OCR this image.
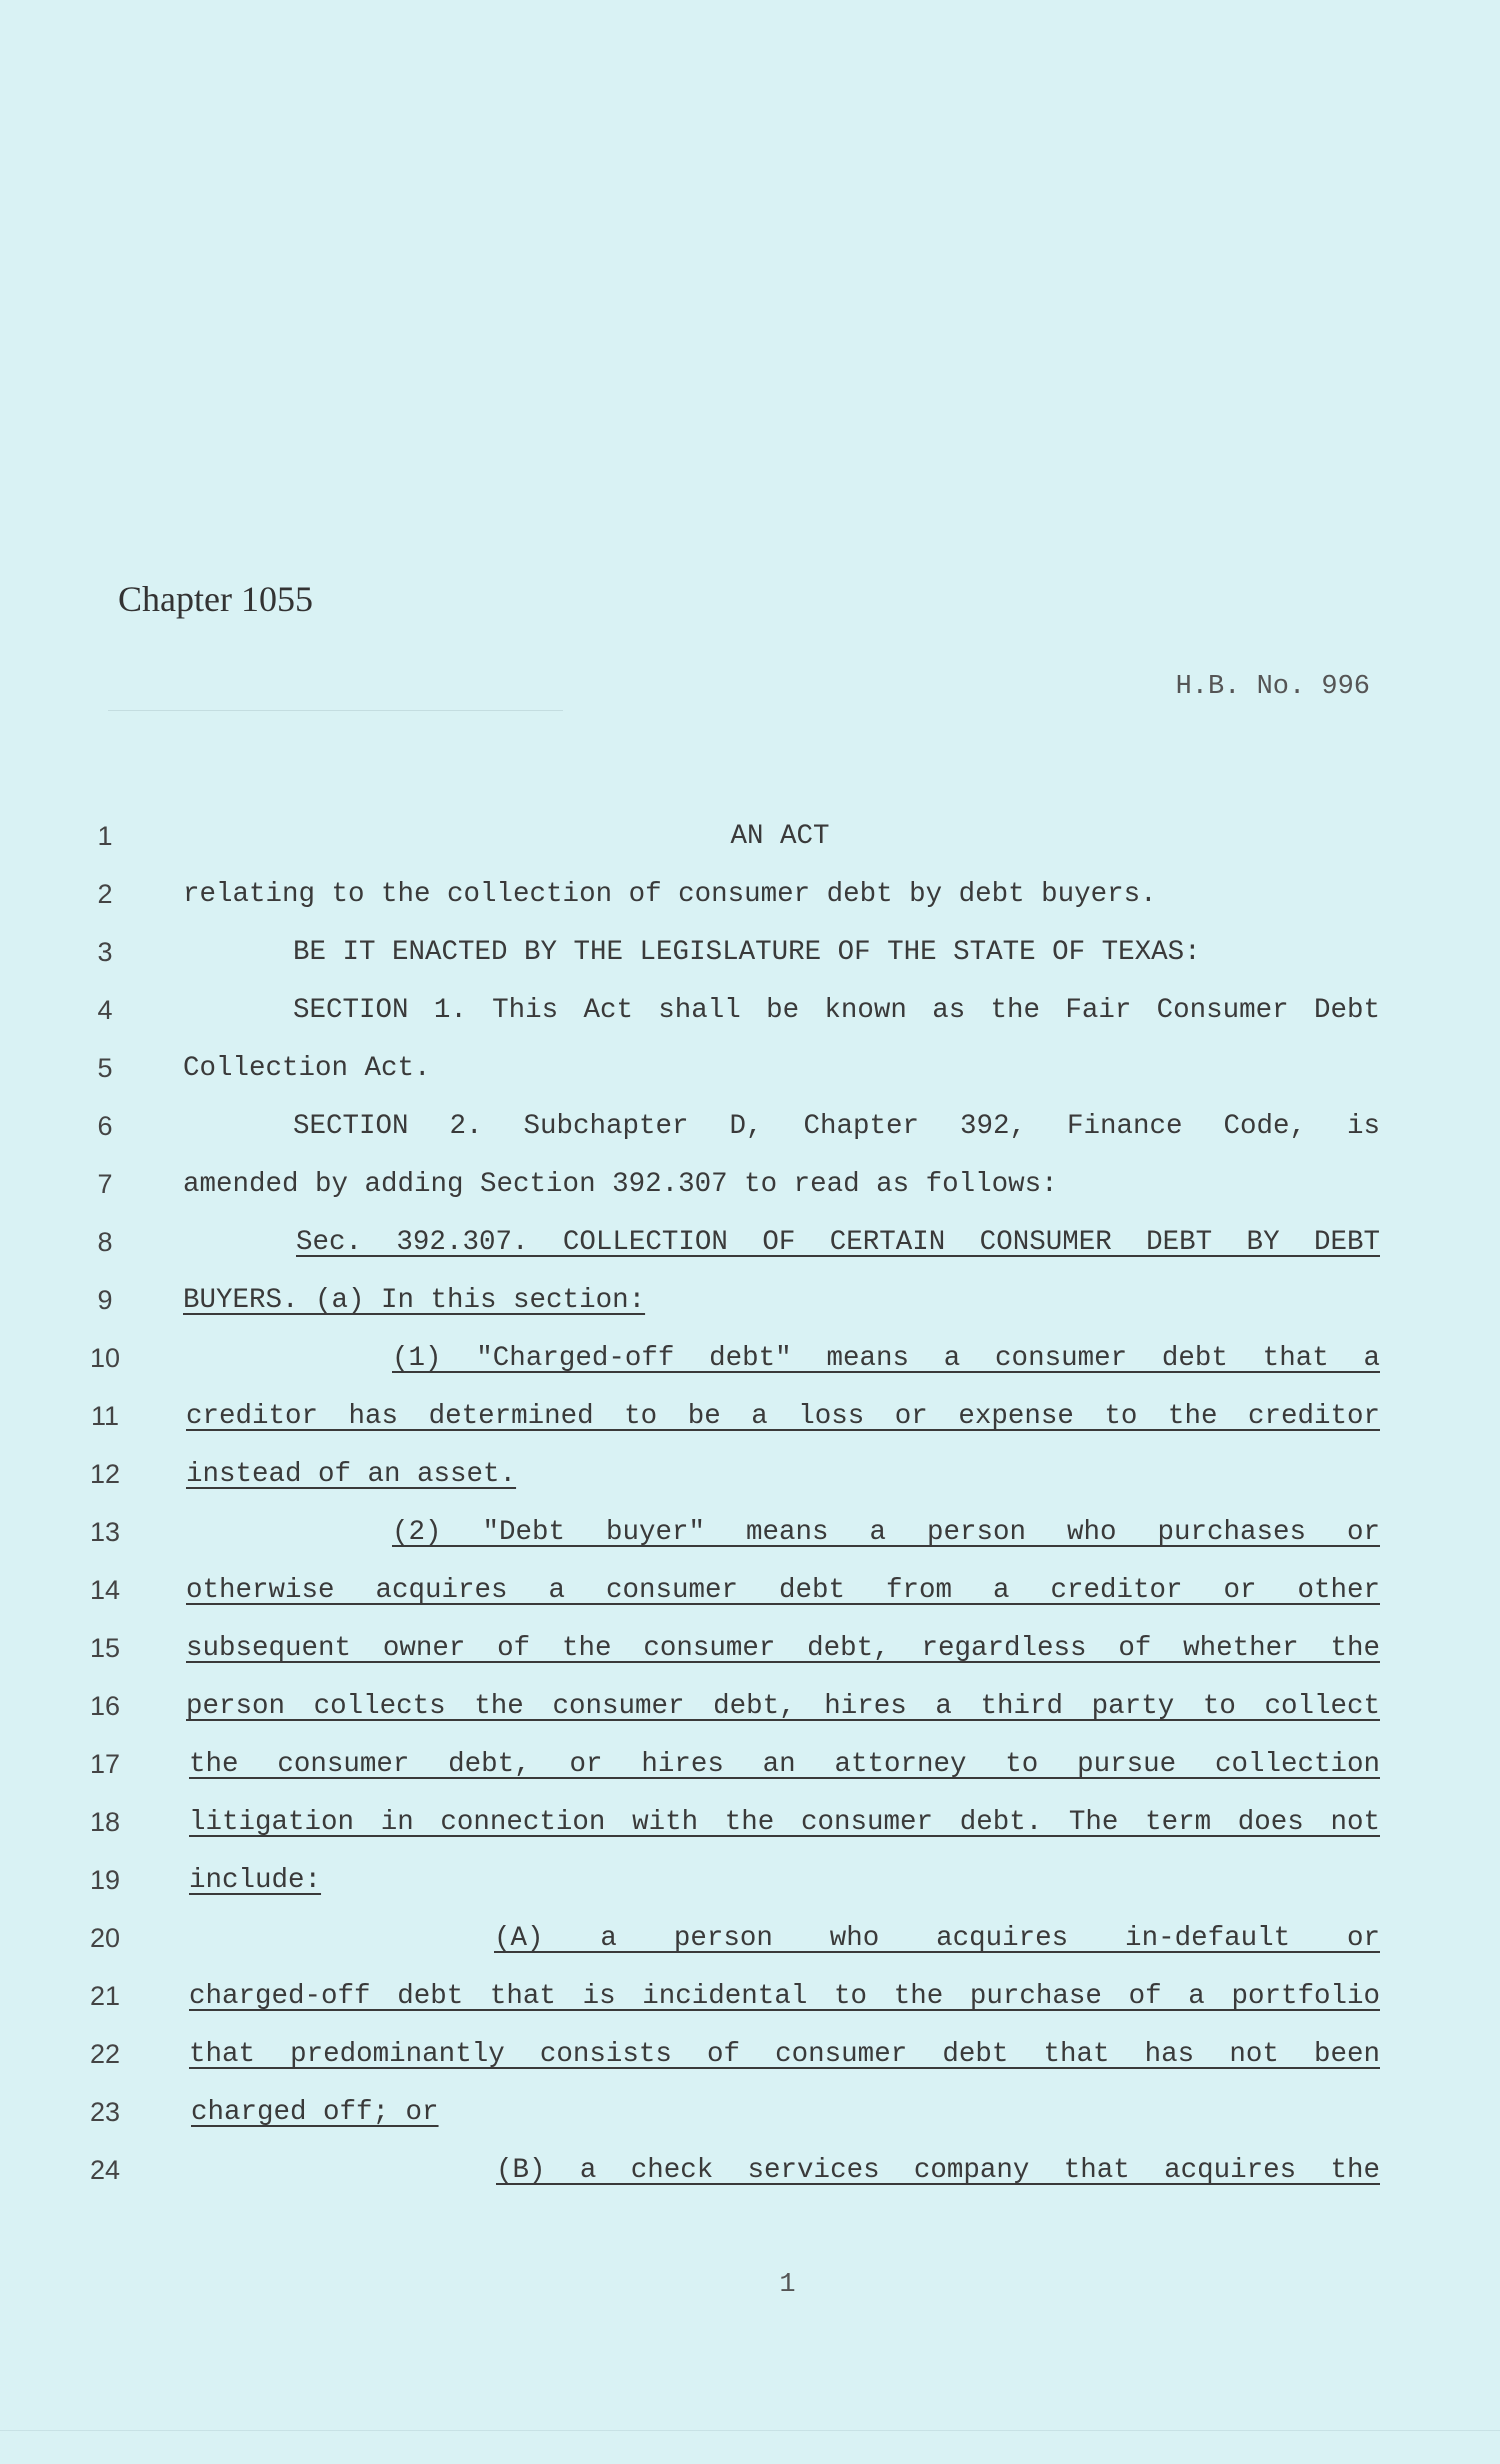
Chapter 1055
H.B. No. 996
1	AN ACT
2	relating to the collection of consumer debt by debt buyers.
3	BE IT ENACTED BY THE LEGISLATURE OF THE STATE OF TEXAS:
4	SECTION 1. This Act shall be known as the Fair Consumer Debt
5	Collection Act.
6	SECTION 2. Subchapter D, Chapter 392, Finance Code, is
7	amended by adding Section 392.307 to read as follows:
8	Sec. 392.307. COLLECTION OF CERTAIN CONSUMER DEBT BY DEBT
9	BUYERS. (a) In this section:
10	(1) "Charged-off debt" means a consumer debt that a
11	creditor has determined to be a loss or expense to the creditor
12	instead of an asset.
13	(2) "Debt buyer" means a person who purchases or
14	otherwise acquires a consumer debt from a creditor or other
15	subsequent owner of the consumer debt, regardless of whether the
16	person collects the consumer debt, hires a third party to collect
17	the consumer debt, or hires an attorney to pursue collection
18	litigation in connection with the consumer debt. The term does not
19	include:
20	(A) a person who acquires in-default or
21	charged-off debt that is incidental to the purchase of a portfolio
22	that predominantly consists of consumer debt that has not been
23	charged off; or
24	(B) a check services company that acquires the
1
